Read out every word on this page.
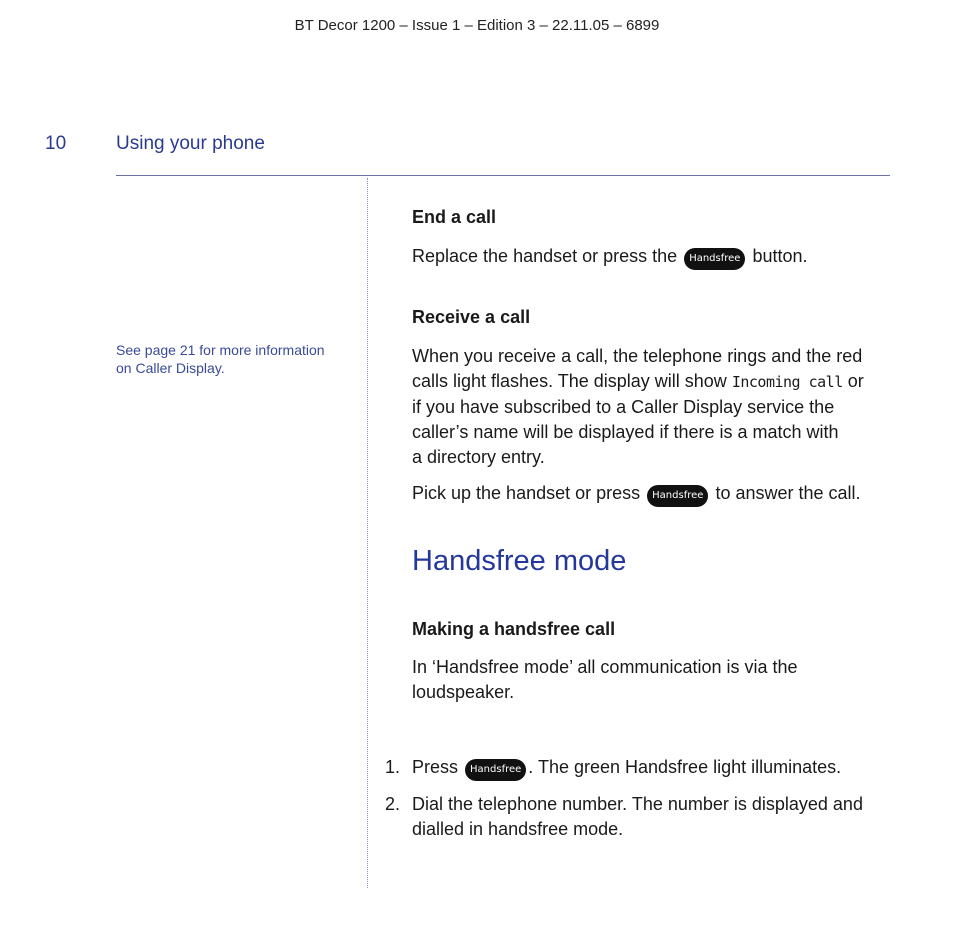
BT Decor 1200 – Issue 1 – Edition 3 – 22.11.05 – 6899
10	Using your phone
See page 21 for more information
on Caller Display.
End a call
Replace the handset or press the Handsfree button.
Receive a call
When you receive a call, the telephone rings and the red
calls light flashes. The display will show Incoming call or
if you have subscribed to a Caller Display service the
caller’s name will be displayed if there is a match with
a directory entry.
Pick up the handset or press Handsfree to answer the call.
Handsfree mode
Making a handsfree call
In ‘Handsfree mode’ all communication is via the
loudspeaker.
1. Press Handsfree . The green Handsfree light illuminates.
2. Dial the telephone number. The number is displayed and
dialled in handsfree mode.
